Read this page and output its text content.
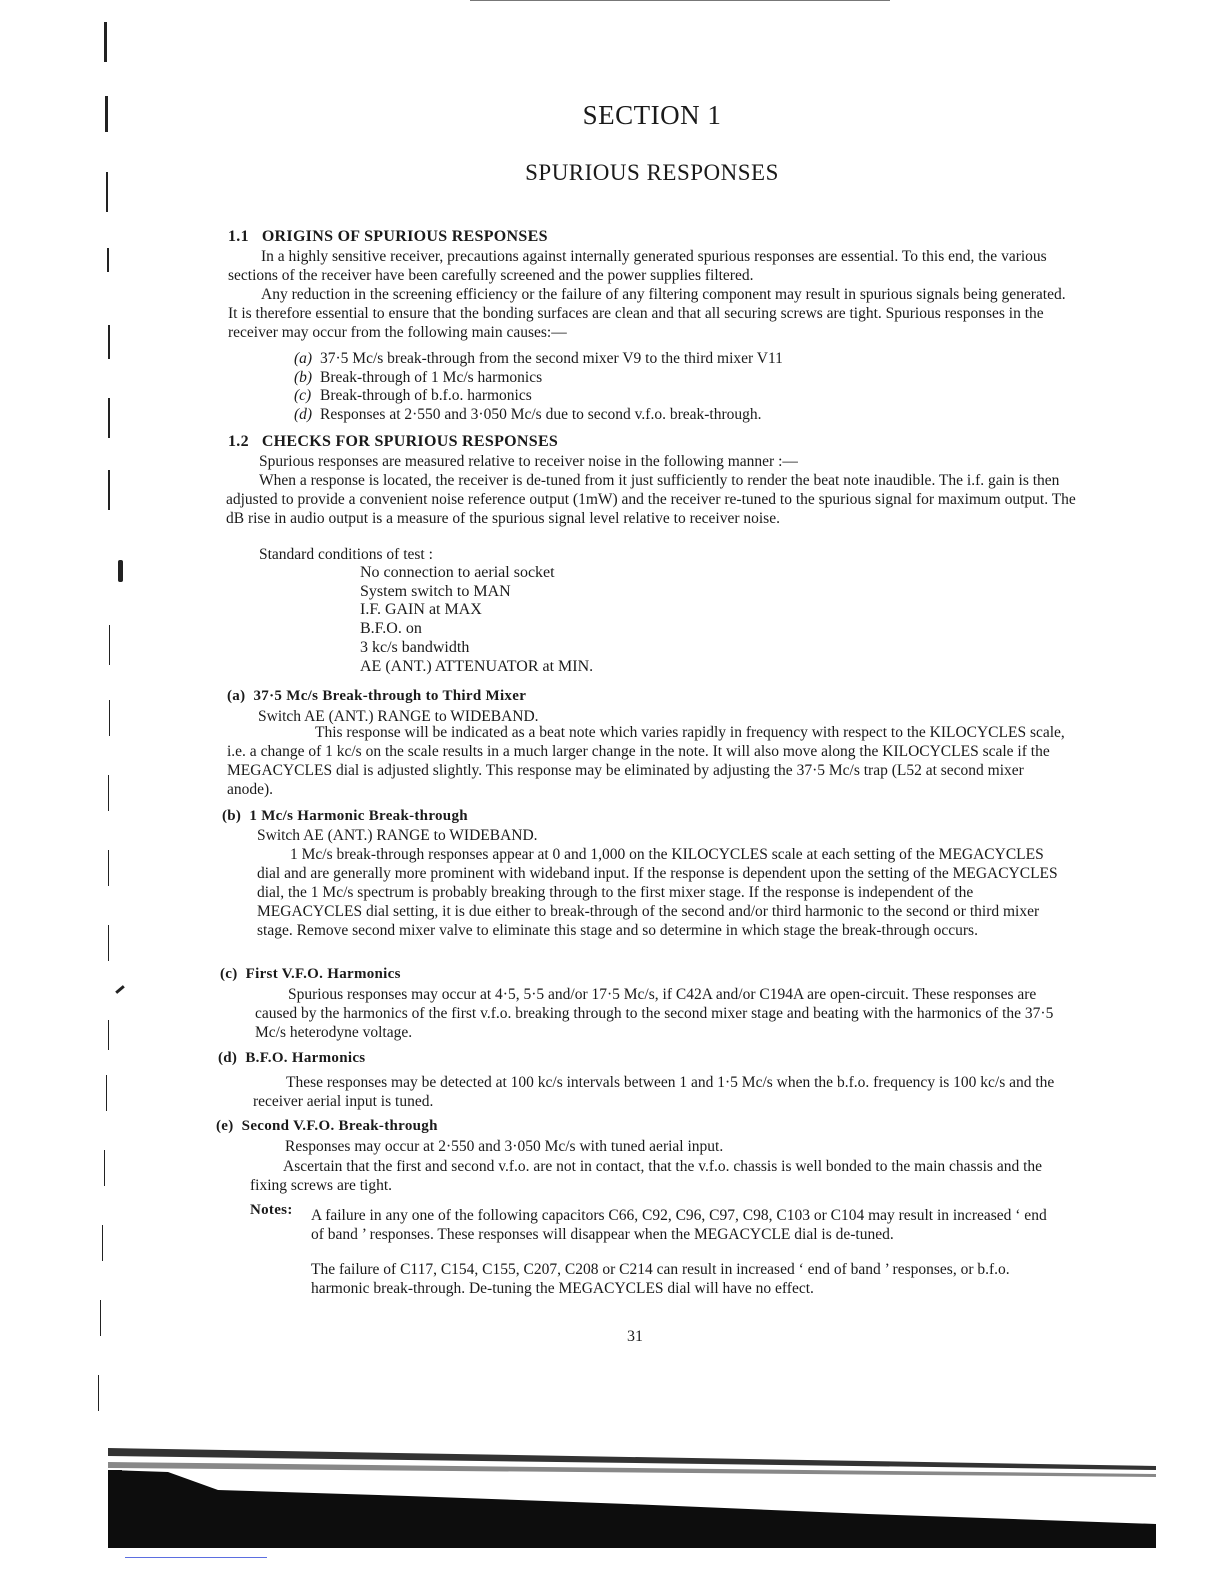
SECTION 1
SPURIOUS RESPONSES
1.1 ORIGINS OF SPURIOUS RESPONSES
In a highly sensitive receiver, precautions against internally generated spurious responses are essential. To this end, the various sections of the receiver have been carefully screened and the power supplies filtered.
Any reduction in the screening efficiency or the failure of any filtering component may result in spurious signals being generated. It is therefore essential to ensure that the bonding surfaces are clean and that all securing screws are tight. Spurious responses in the receiver may occur from the following main causes:—
(a) 37·5 Mc/s break-through from the second mixer V9 to the third mixer V11
(b) Break-through of 1 Mc/s harmonics
(c) Break-through of b.f.o. harmonics
(d) Responses at 2·550 and 3·050 Mc/s due to second v.f.o. break-through.
1.2 CHECKS FOR SPURIOUS RESPONSES
Spurious responses are measured relative to receiver noise in the following manner :—
When a response is located, the receiver is de-tuned from it just sufficiently to render the beat note inaudible. The i.f. gain is then adjusted to provide a convenient noise reference output (1mW) and the receiver re-tuned to the spurious signal for maximum output. The dB rise in audio output is a measure of the spurious signal level relative to receiver noise.
Standard conditions of test :
No connection to aerial socket
System switch to MAN
I.F. GAIN at MAX
B.F.O. on
3 kc/s bandwidth
AE (ANT.) ATTENUATOR at MIN.
(a) 37·5 Mc/s Break-through to Third Mixer
Switch AE (ANT.) RANGE to WIDEBAND.
This response will be indicated as a beat note which varies rapidly in frequency with respect to the KILOCYCLES scale, i.e. a change of 1 kc/s on the scale results in a much larger change in the note. It will also move along the KILOCYCLES scale if the MEGACYCLES dial is adjusted slightly. This response may be eliminated by adjusting the 37·5 Mc/s trap (L52 at second mixer anode).
(b) 1 Mc/s Harmonic Break-through
Switch AE (ANT.) RANGE to WIDEBAND.
1 Mc/s break-through responses appear at 0 and 1,000 on the KILOCYCLES scale at each setting of the MEGACYCLES dial and are generally more prominent with wideband input. If the response is dependent upon the setting of the MEGACYCLES dial, the 1 Mc/s spectrum is probably breaking through to the first mixer stage. If the response is independent of the MEGACYCLES dial setting, it is due either to break-through of the second and/or third harmonic to the second or third mixer stage. Remove second mixer valve to eliminate this stage and so determine in which stage the break-through occurs.
(c) First V.F.O. Harmonics
Spurious responses may occur at 4·5, 5·5 and/or 17·5 Mc/s, if C42A and/or C194A are open-circuit. These responses are caused by the harmonics of the first v.f.o. breaking through to the second mixer stage and beating with the harmonics of the 37·5 Mc/s heterodyne voltage.
(d) B.F.O. Harmonics
These responses may be detected at 100 kc/s intervals between 1 and 1·5 Mc/s when the b.f.o. frequency is 100 kc/s and the receiver aerial input is tuned.
(e) Second V.F.O. Break-through
Responses may occur at 2·550 and 3·050 Mc/s with tuned aerial input.
Ascertain that the first and second v.f.o. are not in contact, that the v.f.o. chassis is well bonded to the main chassis and the fixing screws are tight.
Notes: A failure in any one of the following capacitors C66, C92, C96, C97, C98, C103 or C104 may result in increased ‘ end of band ’ responses. These responses will disappear when the MEGACYCLE dial is de-tuned.
The failure of C117, C154, C155, C207, C208 or C214 can result in increased ‘ end of band ’ responses, or b.f.o. harmonic break-through. De-tuning the MEGACYCLES dial will have no effect.
31
